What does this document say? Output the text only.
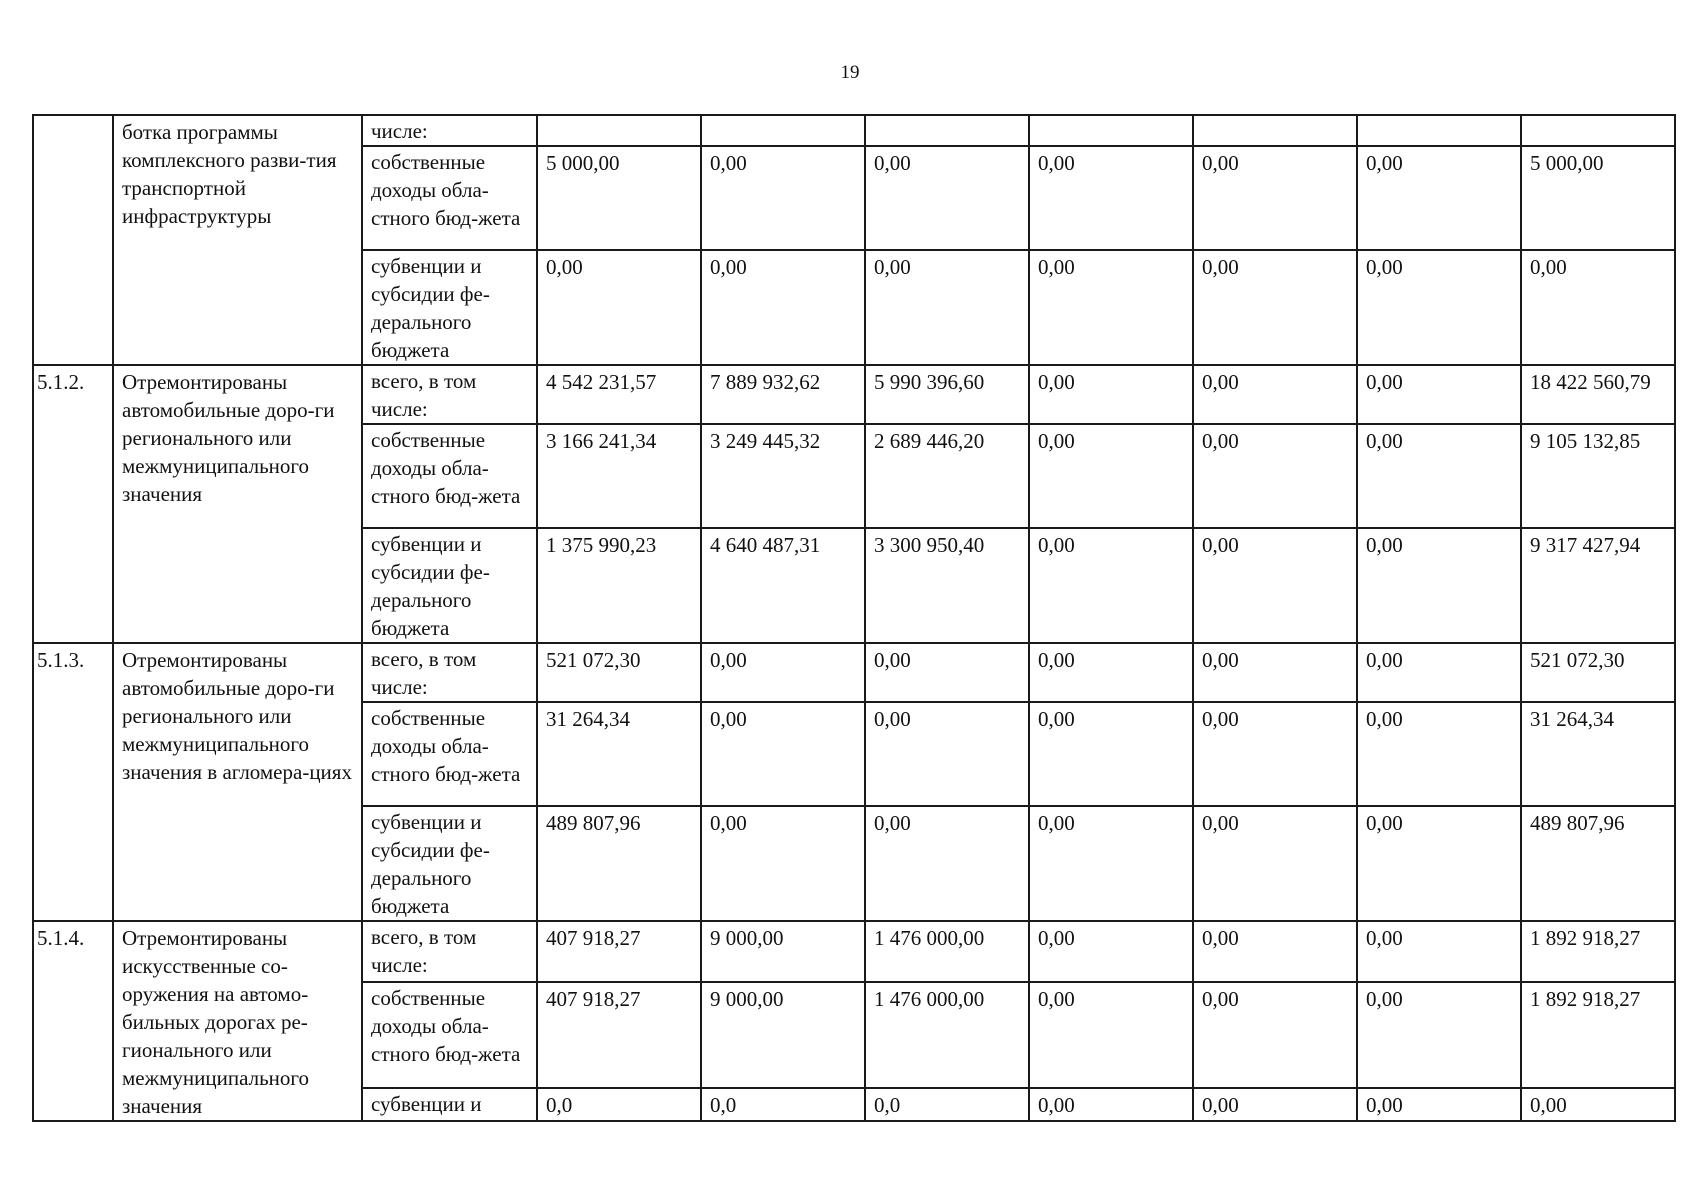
19
	ботка программы комплексного разви-тия транспортной инфраструктуры	числе:							
		собственные доходы обла-стного бюд-жета	5 000,00	0,00	0,00	0,00	0,00	0,00	5 000,00
		субвенции и субсидии фе-дерального бюджета	0,00	0,00	0,00	0,00	0,00	0,00	0,00
5.1.2.	Отремонтированы автомобильные доро-ги регионального или межмуниципального значения	всего, в том числе:	4 542 231,57	7 889 932,62	5 990 396,60	0,00	0,00	0,00	18 422 560,79
		собственные доходы обла-стного бюд-жета	3 166 241,34	3 249 445,32	2 689 446,20	0,00	0,00	0,00	9 105 132,85
		субвенции и субсидии фе-дерального бюджета	1 375 990,23	4 640 487,31	3 300 950,40	0,00	0,00	0,00	9 317 427,94
5.1.3.	Отремонтированы автомобильные доро-ги регионального или межмуниципального значения в агломера-циях	всего, в том числе:	521 072,30	0,00	0,00	0,00	0,00	0,00	521 072,30
		собственные доходы обла-стного бюд-жета	31 264,34	0,00	0,00	0,00	0,00	0,00	31 264,34
		субвенции и субсидии фе-дерального бюджета	489 807,96	0,00	0,00	0,00	0,00	0,00	489 807,96
5.1.4.	Отремонтированы искусственные со-оружения на автомо-бильных дорогах ре-гионального или межмуниципального значения	всего, в том числе:	407 918,27	9 000,00	1 476 000,00	0,00	0,00	0,00	1 892 918,27
		собственные доходы обла-стного бюд-жета	407 918,27	9 000,00	1 476 000,00	0,00	0,00	0,00	1 892 918,27
		субвенции и	0,0	0,0	0,0	0,00	0,00	0,00	0,00
